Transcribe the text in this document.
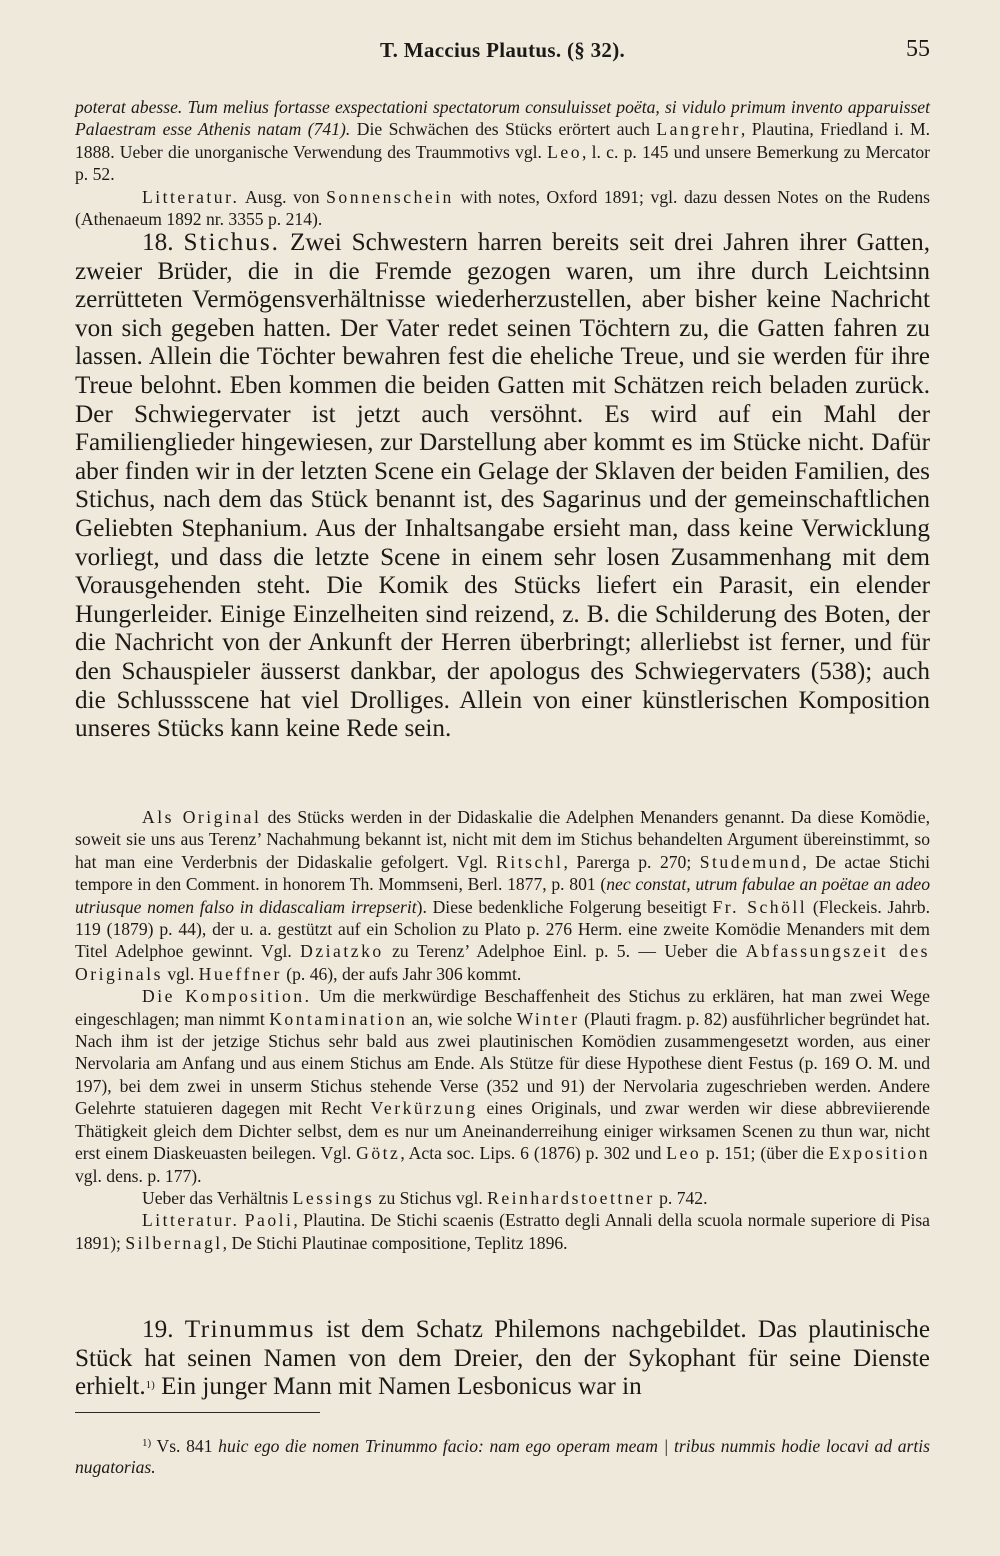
T. Maccius Plautus. (§ 32).	55

poterat abesse. Tum melius fortasse exspectationi spectatorum consuluisset poëta, si vidulo primum invento apparuisset Palaestram esse Athenis natam (741). Die Schwächen des Stücks erörtert auch Langrehr, Plautina, Friedland i. M. 1888. Ueber die unorganische Verwendung des Traummotivs vgl. Leo, l. c. p. 145 und unsere Bemerkung zu Mercator p. 52.

Litteratur. Ausg. von Sonnenschein with notes, Oxford 1891; vgl. dazu dessen Notes on the Rudens (Athenaeum 1892 nr. 3355 p. 214).

18. Stichus. Zwei Schwestern harren bereits seit drei Jahren ihrer Gatten, zweier Brüder, die in die Fremde gezogen waren, um ihre durch Leichtsinn zerrütteten Vermögensverhältnisse wiederherzustellen, aber bisher keine Nachricht von sich gegeben hatten. Der Vater redet seinen Töchtern zu, die Gatten fahren zu lassen. Allein die Töchter bewahren fest die eheliche Treue, und sie werden für ihre Treue belohnt. Eben kommen die beiden Gatten mit Schätzen reich beladen zurück. Der Schwiegervater ist jetzt auch versöhnt. Es wird auf ein Mahl der Familienglieder hingewiesen, zur Darstellung aber kommt es im Stücke nicht. Dafür aber finden wir in der letzten Scene ein Gelage der Sklaven der beiden Familien, des Stichus, nach dem das Stück benannt ist, des Sagarinus und der gemeinschaftlichen Geliebten Stephanium. Aus der Inhaltsangabe ersieht man, dass keine Verwicklung vorliegt, und dass die letzte Scene in einem sehr losen Zusammenhang mit dem Vorausgehenden steht. Die Komik des Stücks liefert ein Parasit, ein elender Hungerleider. Einige Einzelheiten sind reizend, z. B. die Schilderung des Boten, der die Nachricht von der Ankunft der Herren überbringt; allerliebst ist ferner, und für den Schauspieler äusserst dankbar, der apologus des Schwiegervaters (538); auch die Schlussscene hat viel Drolliges. Allein von einer künstlerischen Komposition unseres Stücks kann keine Rede sein.

Als Original des Stücks werden in der Didaskalie die Adelphen Menanders genannt. Da diese Komödie, soweit sie uns aus Terenz’ Nachahmung bekannt ist, nicht mit dem im Stichus behandelten Argument übereinstimmt, so hat man eine Verderbnis der Didaskalie gefolgert. Vgl. Ritschl, Parerga p. 270; Studemund, De actae Stichi tempore in den Comment. in honorem Th. Mommseni, Berl. 1877, p. 801 (nec constat, utrum fabulae an poëtae an adeo utriusque nomen falso in didascaliam irrepserit). Diese bedenkliche Folgerung beseitigt Fr. Schöll (Fleckeis. Jahrb. 119 (1879) p. 44), der u. a. gestützt auf ein Scholion zu Plato p. 276 Herm. eine zweite Komödie Menanders mit dem Titel Adelphoe gewinnt. Vgl. Dziatzko zu Terenz’ Adelphoe Einl. p. 5. — Ueber die Abfassungszeit des Originals vgl. Hueffner (p. 46), der aufs Jahr 306 kommt.

Die Komposition. Um die merkwürdige Beschaffenheit des Stichus zu erklären, hat man zwei Wege eingeschlagen; man nimmt Kontamination an, wie solche Winter (Plauti fragm. p. 82) ausführlicher begründet hat. Nach ihm ist der jetzige Stichus sehr bald aus zwei plautinischen Komödien zusammengesetzt worden, aus einer Nervolaria am Anfang und aus einem Stichus am Ende. Als Stütze für diese Hypothese dient Festus (p. 169 O. M. und 197), bei dem zwei in unserm Stichus stehende Verse (352 und 91) der Nervolaria zugeschrieben werden. Andere Gelehrte statuieren dagegen mit Recht Verkürzung eines Originals, und zwar werden wir diese abbreviierende Thätigkeit gleich dem Dichter selbst, dem es nur um Aneinanderreihung einiger wirksamen Scenen zu thun war, nicht erst einem Diaskeuasten beilegen. Vgl. Götz, Acta soc. Lips. 6 (1876) p. 302 und Leo p. 151; (über die Exposition vgl. dens. p. 177).

Ueber das Verhältnis Lessings zu Stichus vgl. Reinhardstoettner p. 742.

Litteratur. Paoli, Plautina. De Stichi scaenis (Estratto degli Annali della scuola normale superiore di Pisa 1891); Silbernagl, De Stichi Plautinae compositione, Teplitz 1896.

19. Trinummus ist dem Schatz Philemons nachgebildet. Das plautinische Stück hat seinen Namen von dem Dreier, den der Sykophant für seine Dienste erhielt.$^{1)}$ Ein junger Mann mit Namen Lesbonicus war in

$^{1)}$ Vs. 841 huic ego die nomen Trinummo facio: nam ego operam meam | tribus nummis hodie locavi ad artis nugatorias.
